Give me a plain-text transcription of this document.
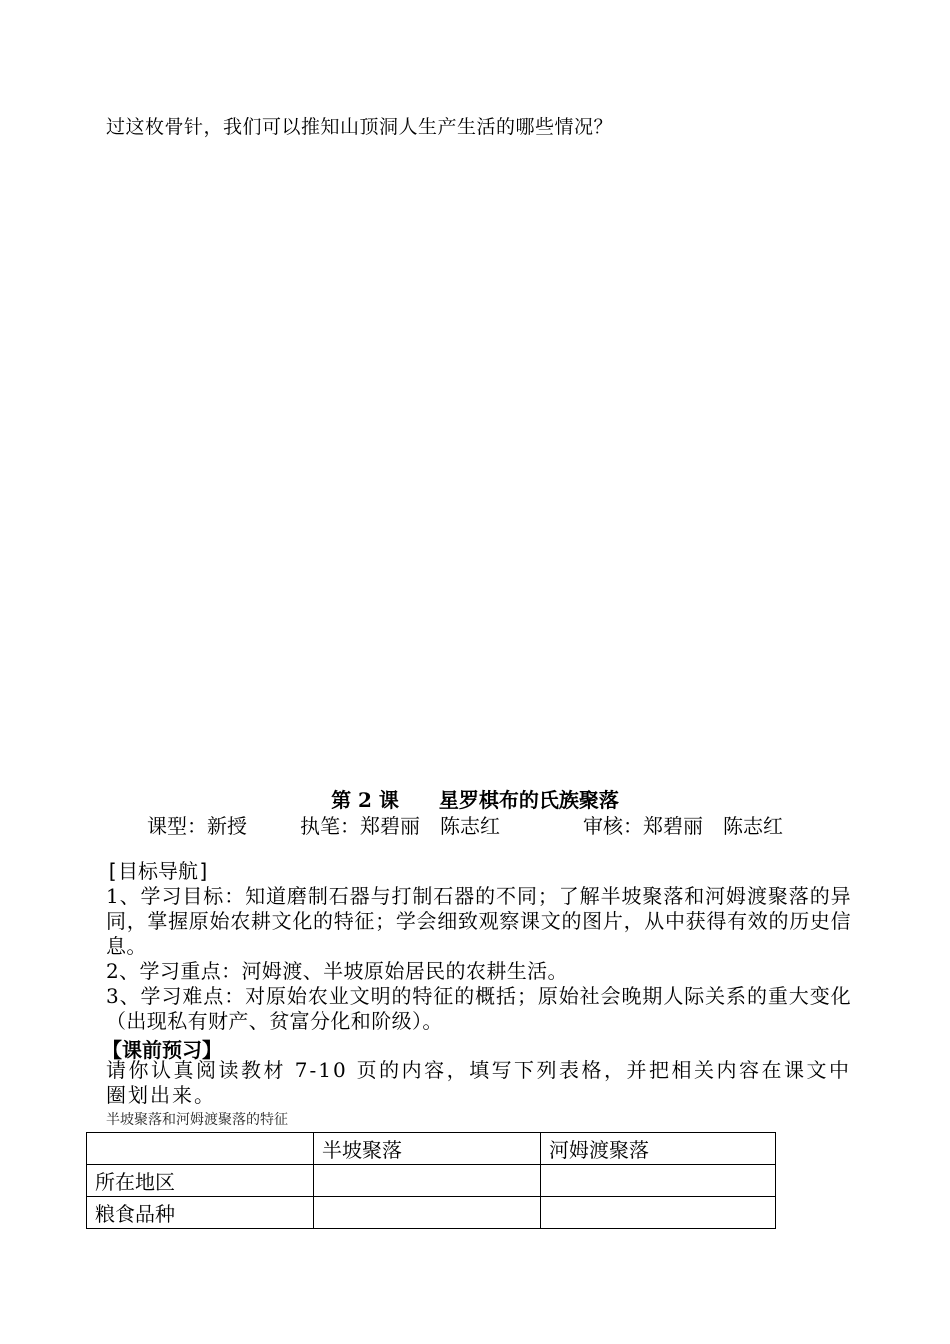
过这枚骨针，我们可以推知山顶洞人生产生活的哪些情况？
第 2 课 星罗棋布的氏族聚落
课型：新授	执笔：郑碧丽　陈志红	审核：郑碧丽　陈志红
[目标导航]
1、学习目标：知道磨制石器与打制石器的不同；了解半坡聚落和河姆渡聚落的异同，掌握原始农耕文化的特征；学会细致观察课文的图片，从中获得有效的历史信息。
2、学习重点：河姆渡、半坡原始居民的农耕生活。
3、学习难点：对原始农业文明的特征的概括；原始社会晚期人际关系的重大变化（出现私有财产、贫富分化和阶级）。
【课前预习】
请你认真阅读教材 7-10 页的内容，填写下列表格，并把相关内容在课文中圈划出来。
半坡聚落和河姆渡聚落的特征
	半坡聚落	河姆渡聚落
所在地区		
粮食品种		
